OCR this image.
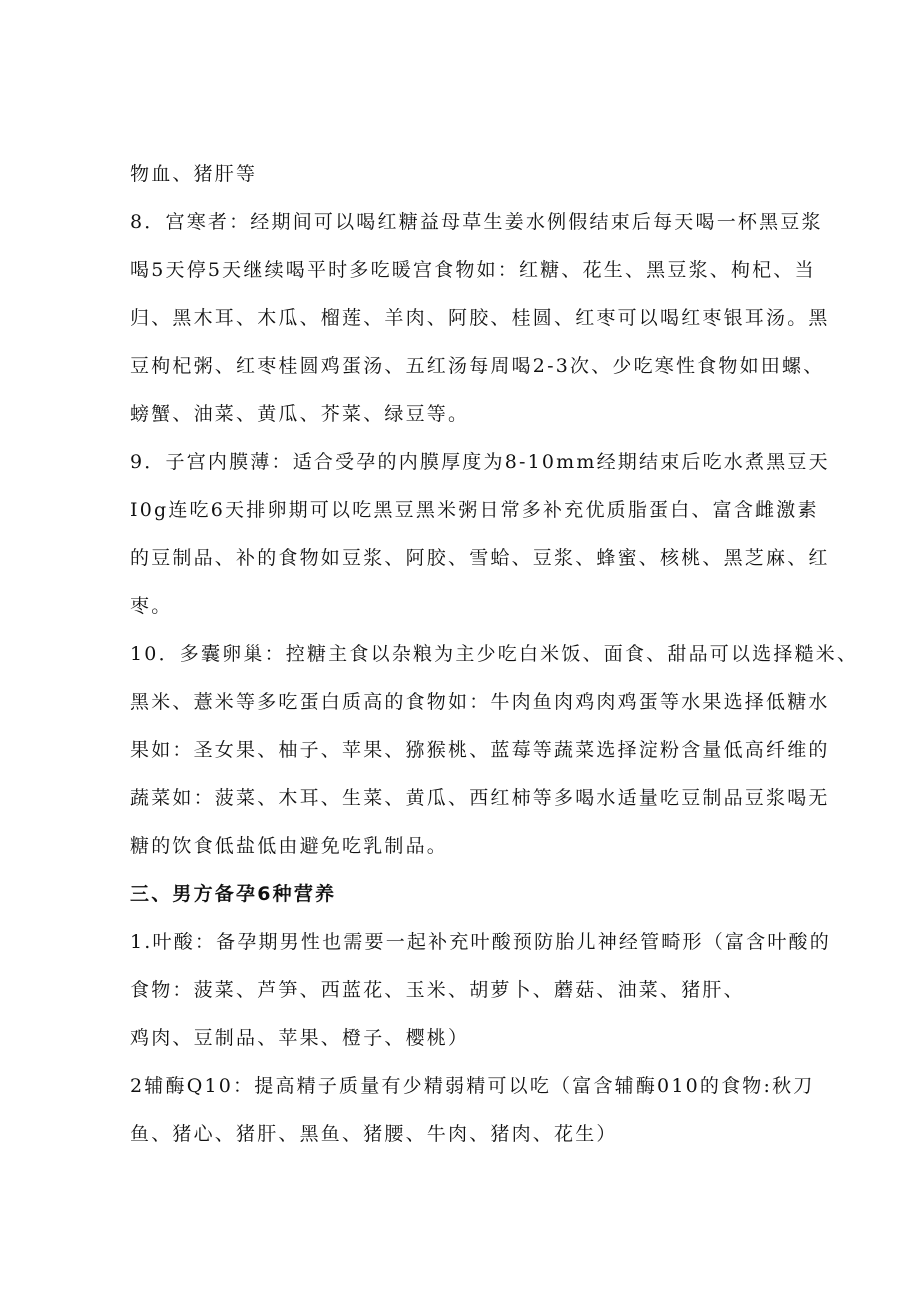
物血、猪肝等

8．宫寒者：经期间可以喝红糖益母草生姜水例假结束后每天喝一杯黑豆浆

喝5天停5天继续喝平时多吃暖宫食物如：红糖、花生、黑豆浆、枸杞、当

归、黑木耳、木瓜、榴莲、羊肉、阿胶、桂圆、红枣可以喝红枣银耳汤。黑

豆枸杞粥、红枣桂圆鸡蛋汤、五红汤每周喝2-3次、少吃寒性食物如田螺、

螃蟹、油菜、黄瓜、芥菜、绿豆等。

9．子宫内膜薄：适合受孕的内膜厚度为8-10mm经期结束后吃水煮黑豆天

I0g连吃6天排卵期可以吃黑豆黑米粥日常多补充优质脂蛋白、富含雌激素

的豆制品、补的食物如豆浆、阿胶、雪蛤、豆浆、蜂蜜、核桃、黑芝麻、红

枣。

10．多囊卵巢：控糖主食以杂粮为主少吃白米饭、面食、甜品可以选择糙米、

黑米、薏米等多吃蛋白质高的食物如：牛肉鱼肉鸡肉鸡蛋等水果选择低糖水

果如：圣女果、柚子、苹果、猕猴桃、蓝莓等蔬菜选择淀粉含量低高纤维的

蔬菜如：菠菜、木耳、生菜、黄瓜、西红柿等多喝水适量吃豆制品豆浆喝无

糖的饮食低盐低由避免吃乳制品。

三、男方备孕6种营养

1.叶酸：备孕期男性也需要一起补充叶酸预防胎儿神经管畸形（富含叶酸的

食物：菠菜、芦笋、西蓝花、玉米、胡萝卜、蘑菇、油菜、猪肝、

鸡肉、豆制品、苹果、橙子、樱桃）

2辅酶Q10：提高精子质量有少精弱精可以吃（富含辅酶010的食物:秋刀

鱼、猪心、猪肝、黑鱼、猪腰、牛肉、猪肉、花生）
